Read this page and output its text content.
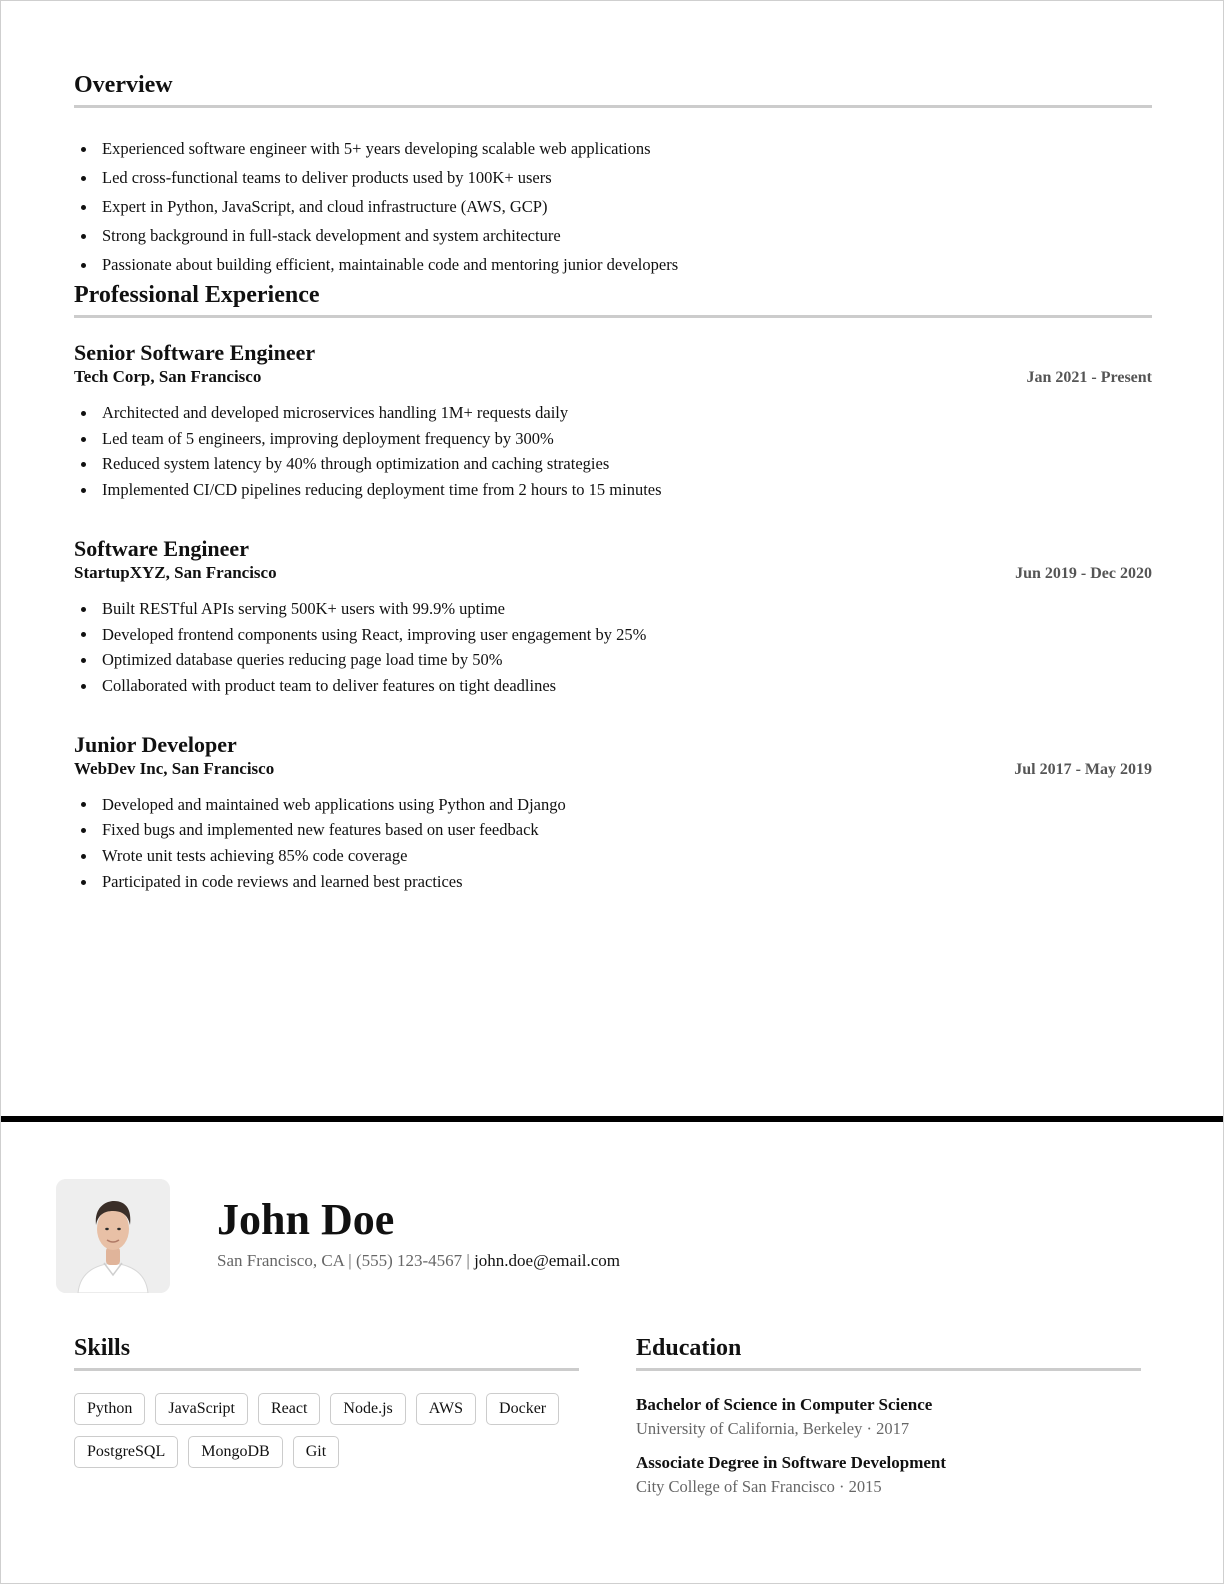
Overview
Experienced software engineer with 5+ years developing scalable web applications
Led cross-functional teams to deliver products used by 100K+ users
Expert in Python, JavaScript, and cloud infrastructure (AWS, GCP)
Strong background in full-stack development and system architecture
Passionate about building efficient, maintainable code and mentoring junior developers
Professional Experience
Senior Software Engineer
Tech Corp, San Francisco	Jan 2021 - Present
Architected and developed microservices handling 1M+ requests daily
Led team of 5 engineers, improving deployment frequency by 300%
Reduced system latency by 40% through optimization and caching strategies
Implemented CI/CD pipelines reducing deployment time from 2 hours to 15 minutes
Software Engineer
StartupXYZ, San Francisco	Jun 2019 - Dec 2020
Built RESTful APIs serving 500K+ users with 99.9% uptime
Developed frontend components using React, improving user engagement by 25%
Optimized database queries reducing page load time by 50%
Collaborated with product team to deliver features on tight deadlines
Junior Developer
WebDev Inc, San Francisco	Jul 2017 - May 2019
Developed and maintained web applications using Python and Django
Fixed bugs and implemented new features based on user feedback
Wrote unit tests achieving 85% code coverage
Participated in code reviews and learned best practices
John Doe
San Francisco, CA | (555) 123-4567 | john.doe@email.com
Skills
Python	JavaScript	React	Node.js	AWS	Docker
PostgreSQL	MongoDB	Git
Education
Bachelor of Science in Computer Science
University of California, Berkeley · 2017
Associate Degree in Software Development
City College of San Francisco · 2015
